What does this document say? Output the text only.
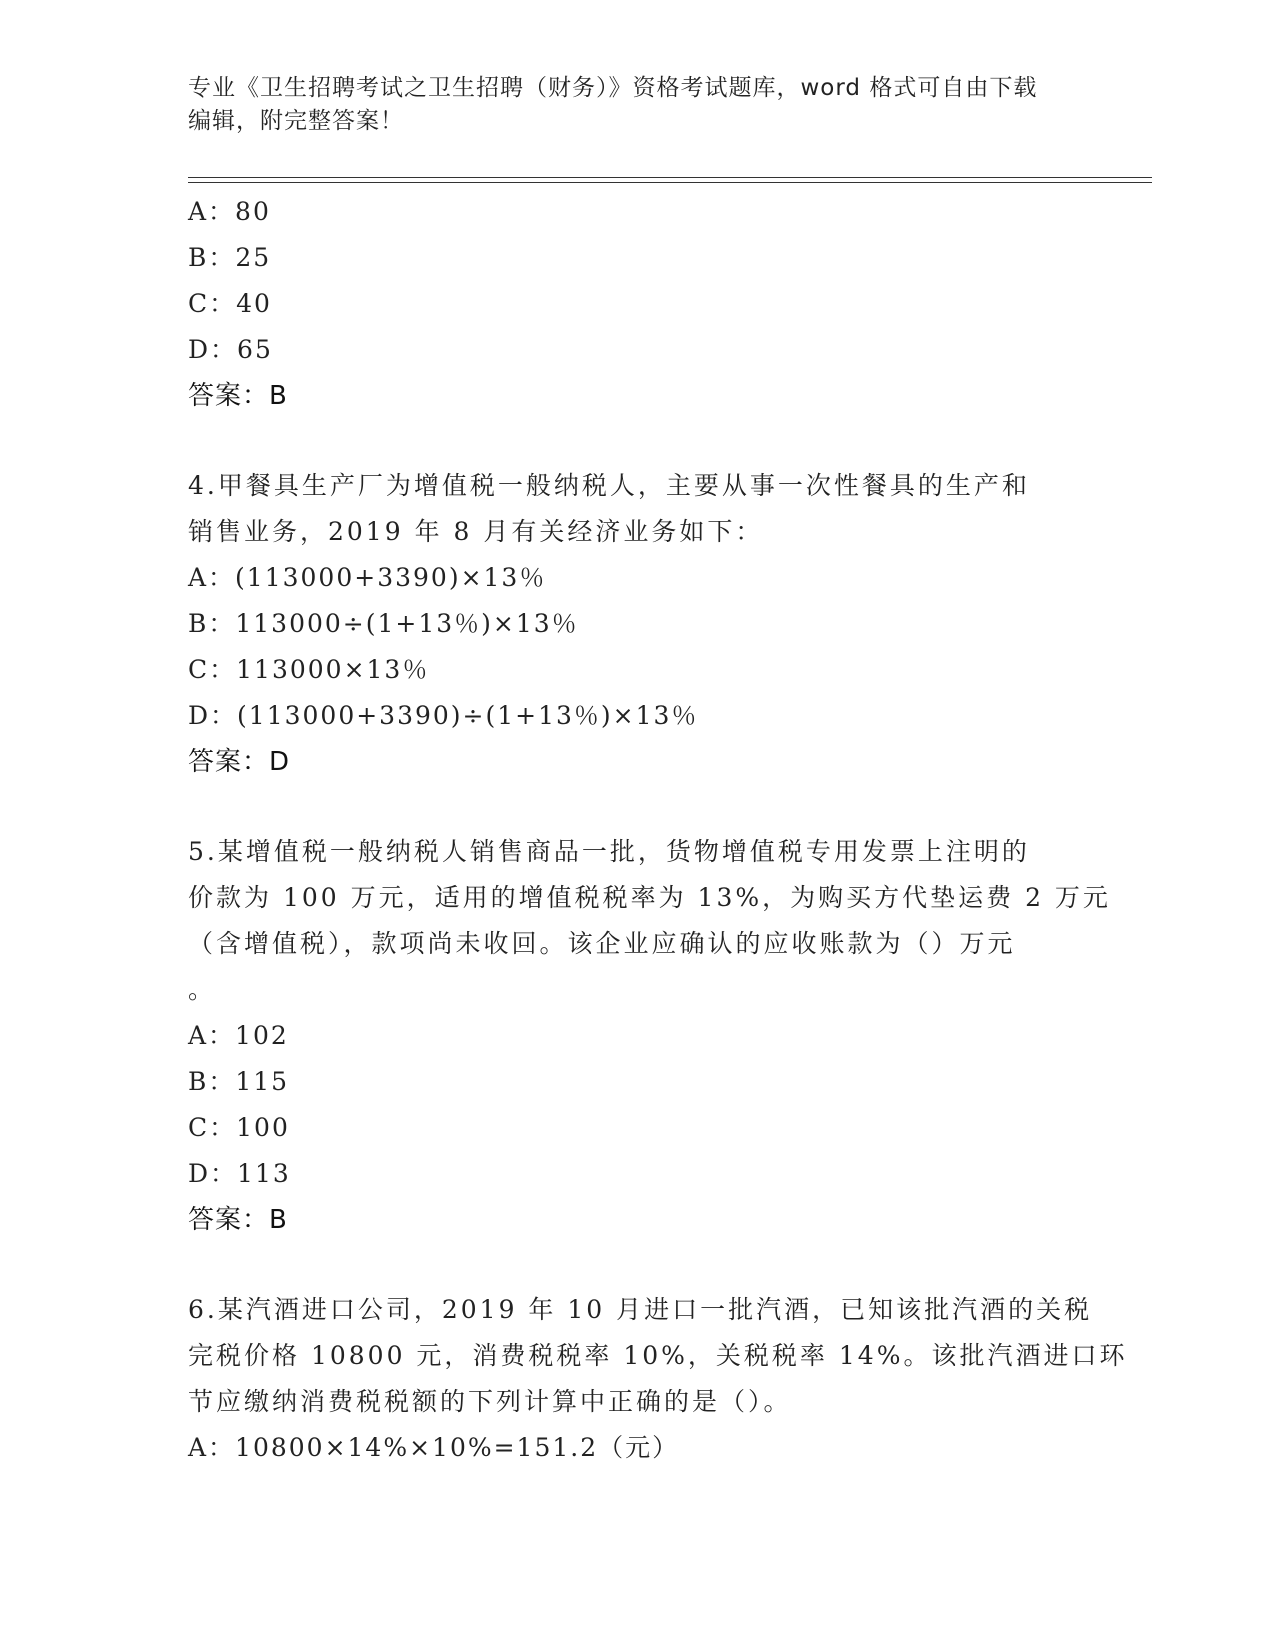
专业《卫生招聘考试之卫生招聘（财务）》资格考试题库，word 格式可自由下载
编辑，附完整答案！
A：80
B：25
C：40
D：65
答案：B
4.甲餐具生产厂为增值税一般纳税人，主要从事一次性餐具的生产和
销售业务，2019 年 8 月有关经济业务如下：
A：(113000+3390)×13％
B：113000÷(1+13％)×13％
C：113000×13％
D：(113000+3390)÷(1+13％)×13％
答案：D
5.某增值税一般纳税人销售商品一批，货物增值税专用发票上注明的
价款为 100 万元，适用的增值税税率为 13%，为购买方代垫运费 2 万元
（含增值税），款项尚未收回。该企业应确认的应收账款为（）万元
。
A：102
B：115
C：100
D：113
答案：B
6.某汽酒进口公司，2019 年 10 月进口一批汽酒，已知该批汽酒的关税
完税价格 10800 元，消费税税率 10%，关税税率 14%。该批汽酒进口环
节应缴纳消费税税额的下列计算中正确的是（）。
A：10800×14%×10%=151.2（元）
